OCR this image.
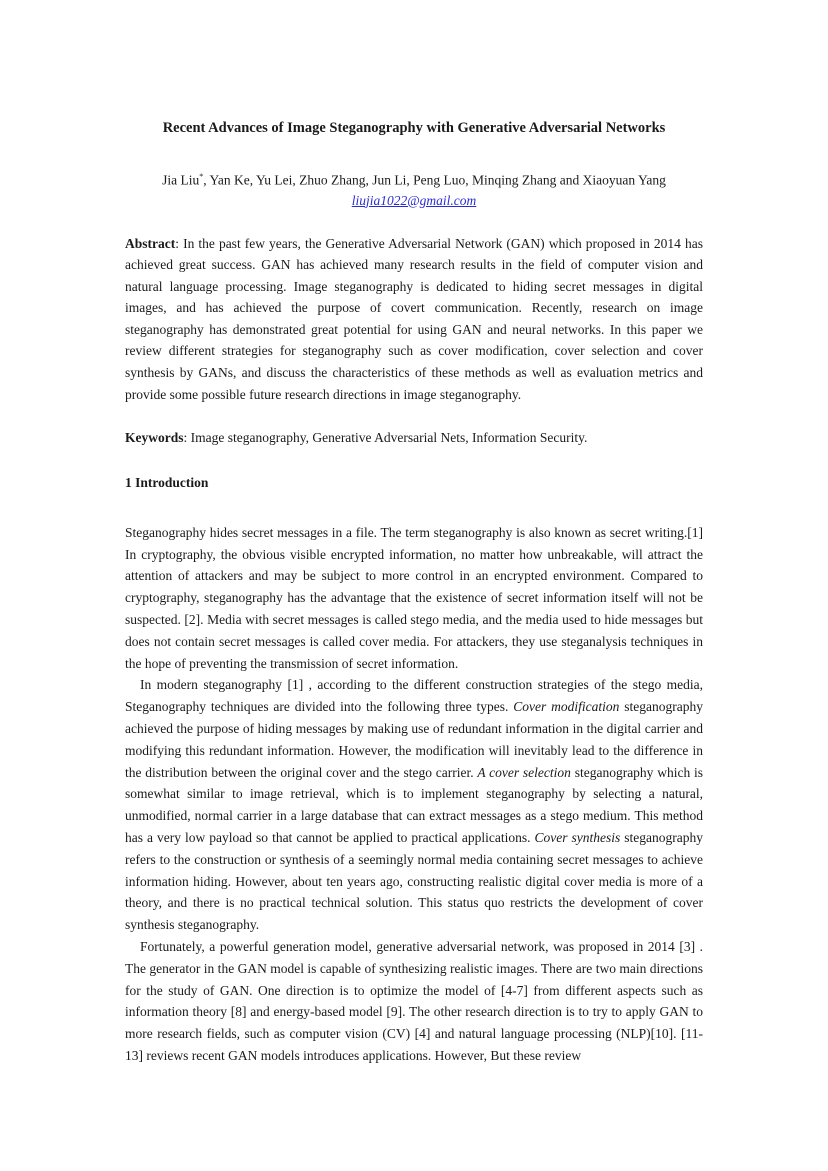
Recent Advances of Image Steganography with Generative Adversarial Networks
Jia Liu*, Yan Ke, Yu Lei, Zhuo Zhang, Jun Li, Peng Luo, Minqing Zhang and Xiaoyuan Yang
liujia1022@gmail.com
Abstract: In the past few years, the Generative Adversarial Network (GAN) which proposed in 2014 has achieved great success. GAN has achieved many research results in the field of computer vision and natural language processing. Image steganography is dedicated to hiding secret messages in digital images, and has achieved the purpose of covert communication. Recently, research on image steganography has demonstrated great potential for using GAN and neural networks. In this paper we review different strategies for steganography such as cover modification, cover selection and cover synthesis by GANs, and discuss the characteristics of these methods as well as evaluation metrics and provide some possible future research directions in image steganography.
Keywords: Image steganography, Generative Adversarial Nets, Information Security.
1 Introduction

Steganography hides secret messages in a file. The term steganography is also known as secret writing.[1] In cryptography, the obvious visible encrypted information, no matter how unbreakable, will attract the attention of attackers and may be subject to more control in an encrypted environment. Compared to cryptography, steganography has the advantage that the existence of secret information itself will not be suspected. [2]. Media with secret messages is called stego media, and the media used to hide messages but does not contain secret messages is called cover media. For attackers, they use steganalysis techniques in the hope of preventing the transmission of secret information.

In modern steganography [1] , according to the different construction strategies of the stego media, Steganography techniques are divided into the following three types. Cover modification steganography achieved the purpose of hiding messages by making use of redundant information in the digital carrier and modifying this redundant information. However, the modification will inevitably lead to the difference in the distribution between the original cover and the stego carrier. A cover selection steganography which is somewhat similar to image retrieval, which is to implement steganography by selecting a natural, unmodified, normal carrier in a large database that can extract messages as a stego medium. This method has a very low payload so that cannot be applied to practical applications. Cover synthesis steganography refers to the construction or synthesis of a seemingly normal media containing secret messages to achieve information hiding. However, about ten years ago, constructing realistic digital cover media is more of a theory, and there is no practical technical solution. This status quo restricts the development of cover synthesis steganography.

Fortunately, a powerful generation model, generative adversarial network, was proposed in 2014 [3] . The generator in the GAN model is capable of synthesizing realistic images. There are two main directions for the study of GAN. One direction is to optimize the model of [4-7] from different aspects such as information theory [8] and energy-based model [9]. The other research direction is to try to apply GAN to more research fields, such as computer vision (CV) [4] and natural language processing (NLP)[10]. [11-13] reviews recent GAN models introduces applications. However, But these review
